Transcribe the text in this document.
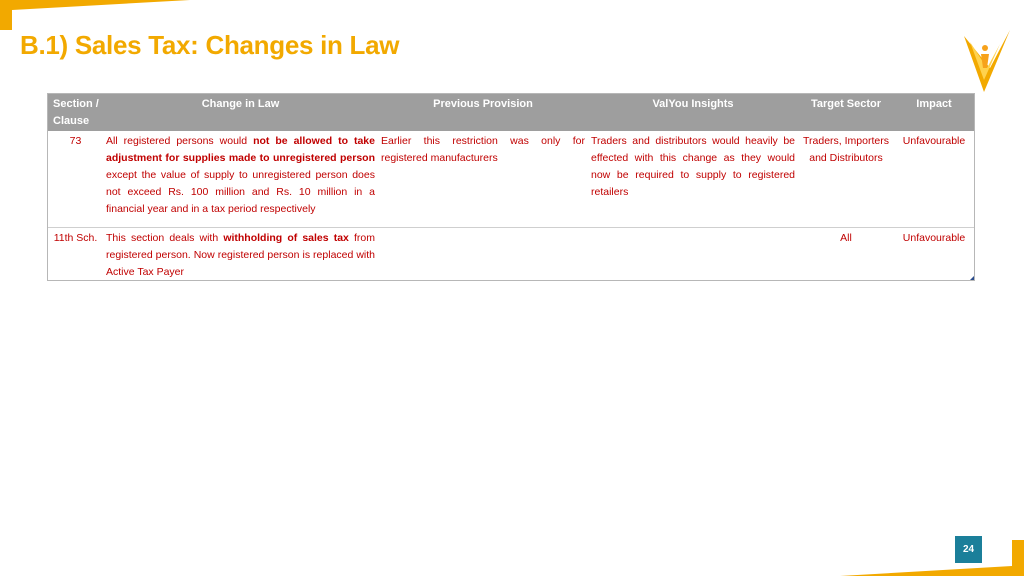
B.1) Sales Tax: Changes in Law
Section / Clause	Change in Law	Previous Provision	ValYou Insights	Target Sector	Impact
73	All registered persons would not be allowed to take adjustment for supplies made to unregistered person except the value of supply to unregistered person does not exceed Rs. 100 million and Rs. 10 million in a financial year and in a tax period respectively	Earlier this restriction was only for registered manufacturers	Traders and distributors would heavily be effected with this change as they would now be required to supply to registered retailers	Traders, Importers and Distributors	Unfavourable
11th Sch.	This section deals with withholding of sales tax from registered person. Now registered person is replaced with Active Tax Payer			All	Unfavourable
24
